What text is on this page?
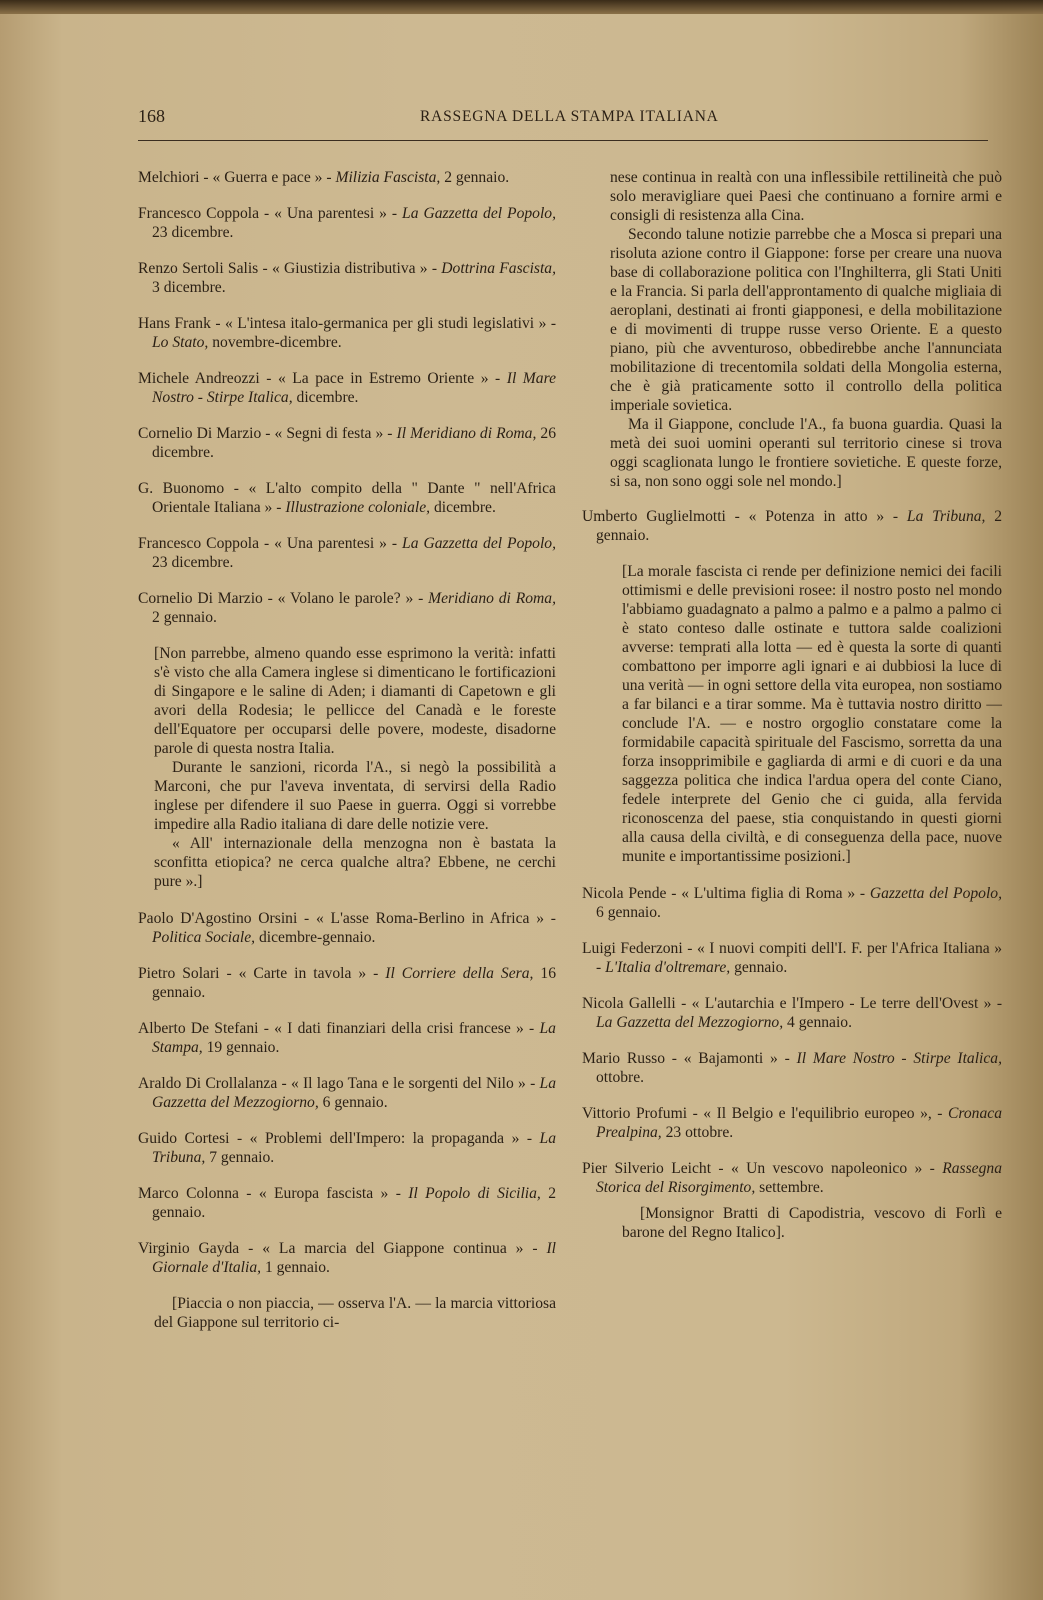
168	RASSEGNA DELLA STAMPA ITALIANA
Melchiori - « Guerra e pace » - Milizia Fascista, 2 gennaio.
Francesco Coppola - « Una parentesi » - La Gazzetta del Popolo, 23 dicembre.
Renzo Sertoli Salis - « Giustizia distributiva » - Dottrina Fascista, 3 dicembre.
Hans Frank - « L'intesa italo-germanica per gli studi legislativi » - Lo Stato, novembre-dicembre.
Michele Andreozzi - « La pace in Estremo Oriente » - Il Mare Nostro - Stirpe Italica, dicembre.
Cornelio Di Marzio - « Segni di festa » - Il Meridiano di Roma, 26 dicembre.
G. Buonomo - « L'alto compito della " Dante " nell'Africa Orientale Italiana » - Illustrazione coloniale, dicembre.
Francesco Coppola - « Una parentesi » - La Gazzetta del Popolo, 23 dicembre.
Cornelio Di Marzio - « Volano le parole? » - Meridiano di Roma, 2 gennaio.

[Non parrebbe, almeno quando esse esprimono la verità: infatti s'è visto che alla Camera inglese si dimenticano le fortificazioni di Singapore e le saline di Aden; i diamanti di Capetown e gli avori della Rodesia; le pellicce del Canadà e le foreste dell'Equatore per occuparsi delle povere, modeste, disadorne parole di questa nostra Italia.

Durante le sanzioni, ricorda l'A., si negò la possibilità a Marconi, che pur l'aveva inventata, di servirsi della Radio inglese per difendere il suo Paese in guerra. Oggi si vorrebbe impedire alla Radio italiana di dare delle notizie vere.

« All' internazionale della menzogna non è bastata la sconfitta etiopica? ne cerca qualche altra? Ebbene, ne cerchi pure ».]

Paolo D'Agostino Orsini - « L'asse Roma-Berlino in Africa » - Politica Sociale, dicembre-gennaio.
Pietro Solari - « Carte in tavola » - Il Corriere della Sera, 16 gennaio.
Alberto De Stefani - « I dati finanziari della crisi francese » - La Stampa, 19 gennaio.
Araldo Di Crollalanza - « Il lago Tana e le sorgenti del Nilo » - La Gazzetta del Mezzogiorno, 6 gennaio.
Guido Cortesi - « Problemi dell'Impero: la propaganda » - La Tribuna, 7 gennaio.
Marco Colonna - « Europa fascista » - Il Popolo di Sicilia, 2 gennaio.
Virginio Gayda - « La marcia del Giappone continua » - Il Giornale d'Italia, 1 gennaio.

[Piaccia o non piaccia, — osserva l'A. — la marcia vittoriosa del Giappone sul territorio ci-

nese continua in realtà con una inflessibile rettilineità che può solo meravigliare quei Paesi che continuano a fornire armi e consigli di resistenza alla Cina.

Secondo talune notizie parrebbe che a Mosca si prepari una risoluta azione contro il Giappone: forse per creare una nuova base di collaborazione politica con l'Inghilterra, gli Stati Uniti e la Francia. Si parla dell'approntamento di qualche migliaia di aeroplani, destinati ai fronti giapponesi, e della mobilitazione e di movimenti di truppe russe verso Oriente. E a questo piano, più che avventuroso, obbedirebbe anche l'annunciata mobilitazione di trecentomila soldati della Mongolia esterna, che è già praticamente sotto il controllo della politica imperiale sovietica.

Ma il Giappone, conclude l'A., fa buona guardia. Quasi la metà dei suoi uomini operanti sul territorio cinese si trova oggi scaglionata lungo le frontiere sovietiche. E queste forze, si sa, non sono oggi sole nel mondo.]

Umberto Guglielmotti - « Potenza in atto » - La Tribuna, 2 gennaio.

[La morale fascista ci rende per definizione nemici dei facili ottimismi e delle previsioni rosee: il nostro posto nel mondo l'abbiamo guadagnato a palmo a palmo e a palmo a palmo ci è stato conteso dalle ostinate e tuttora salde coalizioni avverse: temprati alla lotta — ed è questa la sorte di quanti combattono per imporre agli ignari e ai dubbiosi la luce di una verità — in ogni settore della vita europea, non sostiamo a far bilanci e a tirar somme. Ma è tuttavia nostro diritto — conclude l'A. — e nostro orgoglio constatare come la formidabile capacità spirituale del Fascismo, sorretta da una forza insopprimibile e gagliarda di armi e di cuori e da una saggezza politica che indica l'ardua opera del conte Ciano, fedele interprete del Genio che ci guida, alla fervida riconoscenza del paese, stia conquistando in questi giorni alla causa della civiltà, e di conseguenza della pace, nuove munite e importantissime posizioni.]

Nicola Pende - « L'ultima figlia di Roma » - Gazzetta del Popolo, 6 gennaio.
Luigi Federzoni - « I nuovi compiti dell'I. F. per l'Africa Italiana » - L'Italia d'oltremare, gennaio.
Nicola Gallelli - « L'autarchia e l'Impero - Le terre dell'Ovest » - La Gazzetta del Mezzogiorno, 4 gennaio.
Mario Russo - « Bajamonti » - Il Mare Nostro - Stirpe Italica, ottobre.
Vittorio Profumi - « Il Belgio e l'equilibrio europeo », - Cronaca Prealpina, 23 ottobre.
Pier Silverio Leicht - « Un vescovo napoleonico » - Rassegna Storica del Risorgimento, settembre.

[Monsignor Bratti di Capodistria, vescovo di Forlì e barone del Regno Italico].
